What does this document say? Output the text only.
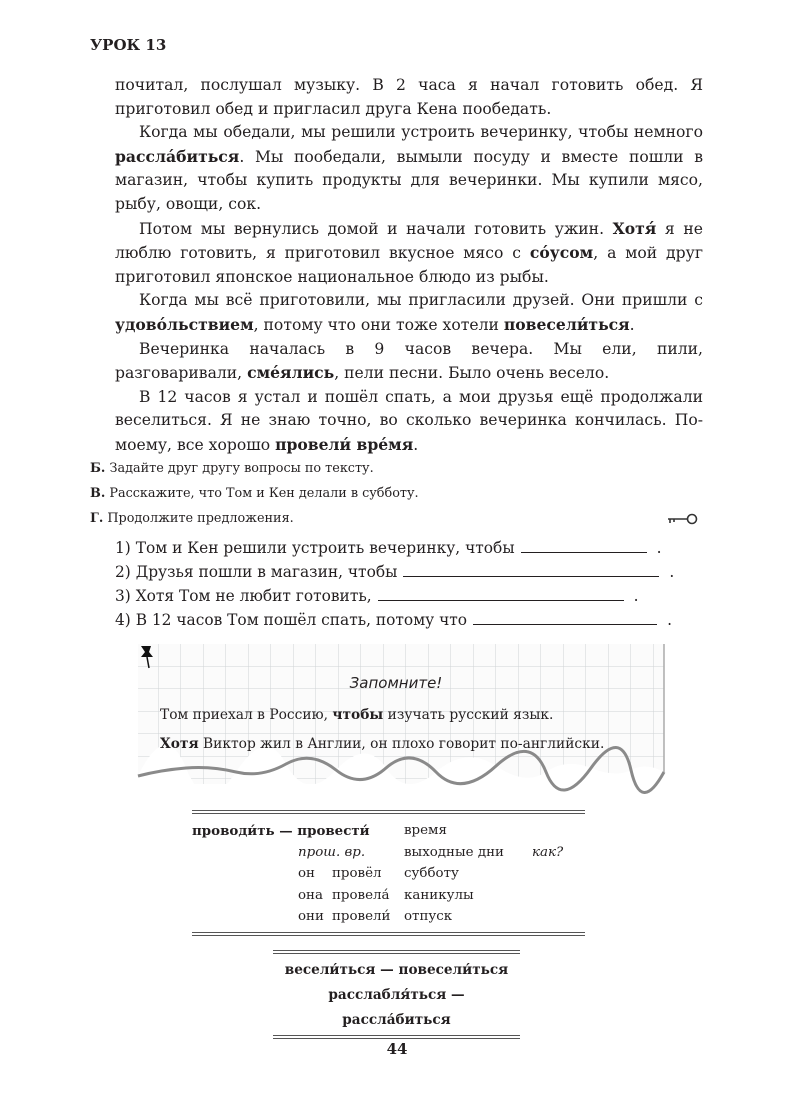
УРОК 13

почитал, послушал музыку. В 2 часа я начал готовить обед. Я приготовил обед и пригласил друга Кена пообедать.

Когда мы обедали, мы решили устроить вечеринку, чтобы немного расслáбиться. Мы пообедали, вымыли посуду и вместе пошли в магазин, чтобы купить продукты для вечеринки. Мы купили мясо, рыбу, овощи, сок.

Потом мы вернулись домой и начали готовить ужин. Хотя́ я не люблю готовить, я приготовил вкусное мясо с сóусом, а мой друг приготовил японское национальное блюдо из рыбы.

Когда мы всё приготовили, мы пригласили друзей. Они пришли с удовóльствием, потому что они тоже хотели повесели́ться.

Вечеринка началась в 9 часов вечера. Мы ели, пили, разговаривали, сме́ялись, пели песни. Было очень весело.

В 12 часов я устал и пошёл спать, а мои друзья ещё продолжали веселиться. Я не знаю точно, во сколько вечеринка кончилась. По-моему, все хорошо провели́ вре́мя.

Б. Задайте друг другу вопросы по тексту.
В. Расскажите, что Том и Кен делали в субботу.
Г. Продолжите предложения.
1) Том и Кен решили устроить вечеринку, чтобы	.
2) Друзья пошли в магазин, чтобы	.
3) Хотя Том не любит готовить,	.
4) В 12 часов Том пошёл спать, потому что	.
Запомните!
Том приехал в Россию, чтобы изучать русский язык.
Хотя Виктор жил в Англии, он плохо говорит по-английски.
проводи́ть — провести́			время	
	прош. вр.		выходные дни	как?
	он	провёл	субботу	
	она	провела́	каникулы	
	они	провели́	отпуск	
весели́ться — повесели́ться
расслабля́ться — рассла́биться
44
